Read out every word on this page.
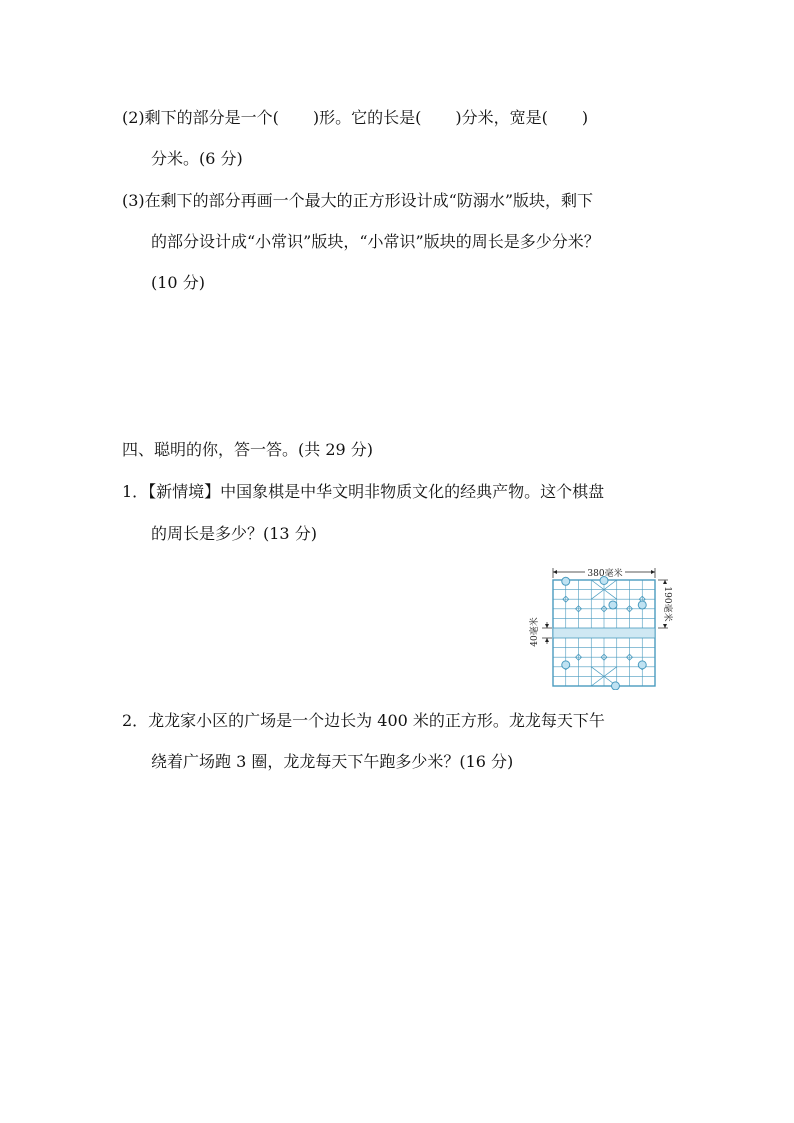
(2)剩下的部分是一个( )形。它的长是( )分米，宽是( )
分米。(6 分)
(3)在剩下的部分再画一个最大的正方形设计成“防溺水”版块，剩下
的部分设计成“小常识”版块，“小常识”版块的周长是多少分米？
(10 分)
四、聪明的你，答一答。(共 29 分)
1．【新情境】中国象棋是中华文明非物质文化的经典产物。这个棋盘
的周长是多少？(13 分)
380毫米
190毫米
40毫米
2．龙龙家小区的广场是一个边长为 400 米的正方形。龙龙每天下午
绕着广场跑 3 圈，龙龙每天下午跑多少米？(16 分)
